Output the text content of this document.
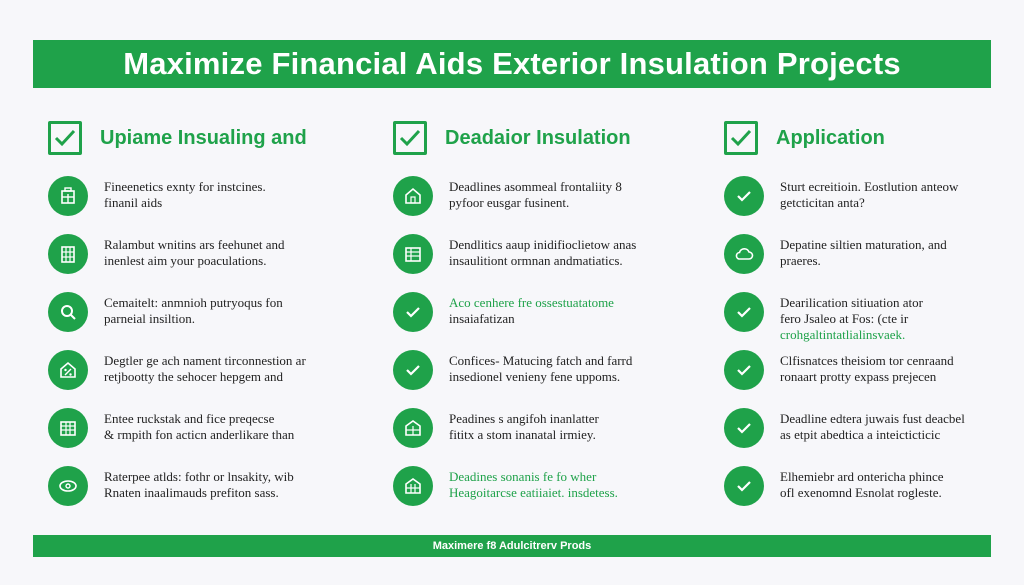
Maximize Financial Aids Exterior Insulation Projects
Upiame Insualing and
Fineenetics exnty for instcines.
finanil aids
Ralambut wnitins ars feehunet and
inenlest aim your poaculations.
Cemaitelt: anmnioh putryoqus fon
parneial insiltion.
Degtler ge ach nament tirconnestion ar
retjbootty the sehocer hepgem and
Entee ruckstak and fice preqecse
& rmpith fon acticn anderlikare than
Raterpee atlds: fothr or lnsakity, wib
Rnaten inaalimauds prefiton sass.
Deadaior Insulation
Deadlines asommeal frontaliity 8
pyfoor eusgar fusinent.
Dendlitics aaup inidifioclietow anas
insaulitiont ormnan andmatiatics.
Aco cenhere fre ossestuatatome
insaiafatizan
Confices- Matucing fatch and farrd
insedionel venieny fene uppoms.
Peadines s angifoh inanlatter
fititx a stom inanatal irmiey.
Deadines sonanis fe fo wher
Heagoitarcse eatiiaiet. insdetess.
Application
Sturt ecreitioin. Eostlution anteow
getcticitan anta?
Depatine siltien maturation, and
praeres.
Dearilication sitiuation ator
fero Jsaleo at Fos: (cte ir
crohgaltintatlialinsvaek.
Clfisnatces theisiom tor cenraand
ronaart protty expass prejecen
Deadline edtera juwais fust deacbel
as etpit abedtica a inteicticticic
Elhemiebr ard ontericha phince
ofl exenomnd Esnolat rogleste.
Maximere f8 Adulcitrerv Prods
